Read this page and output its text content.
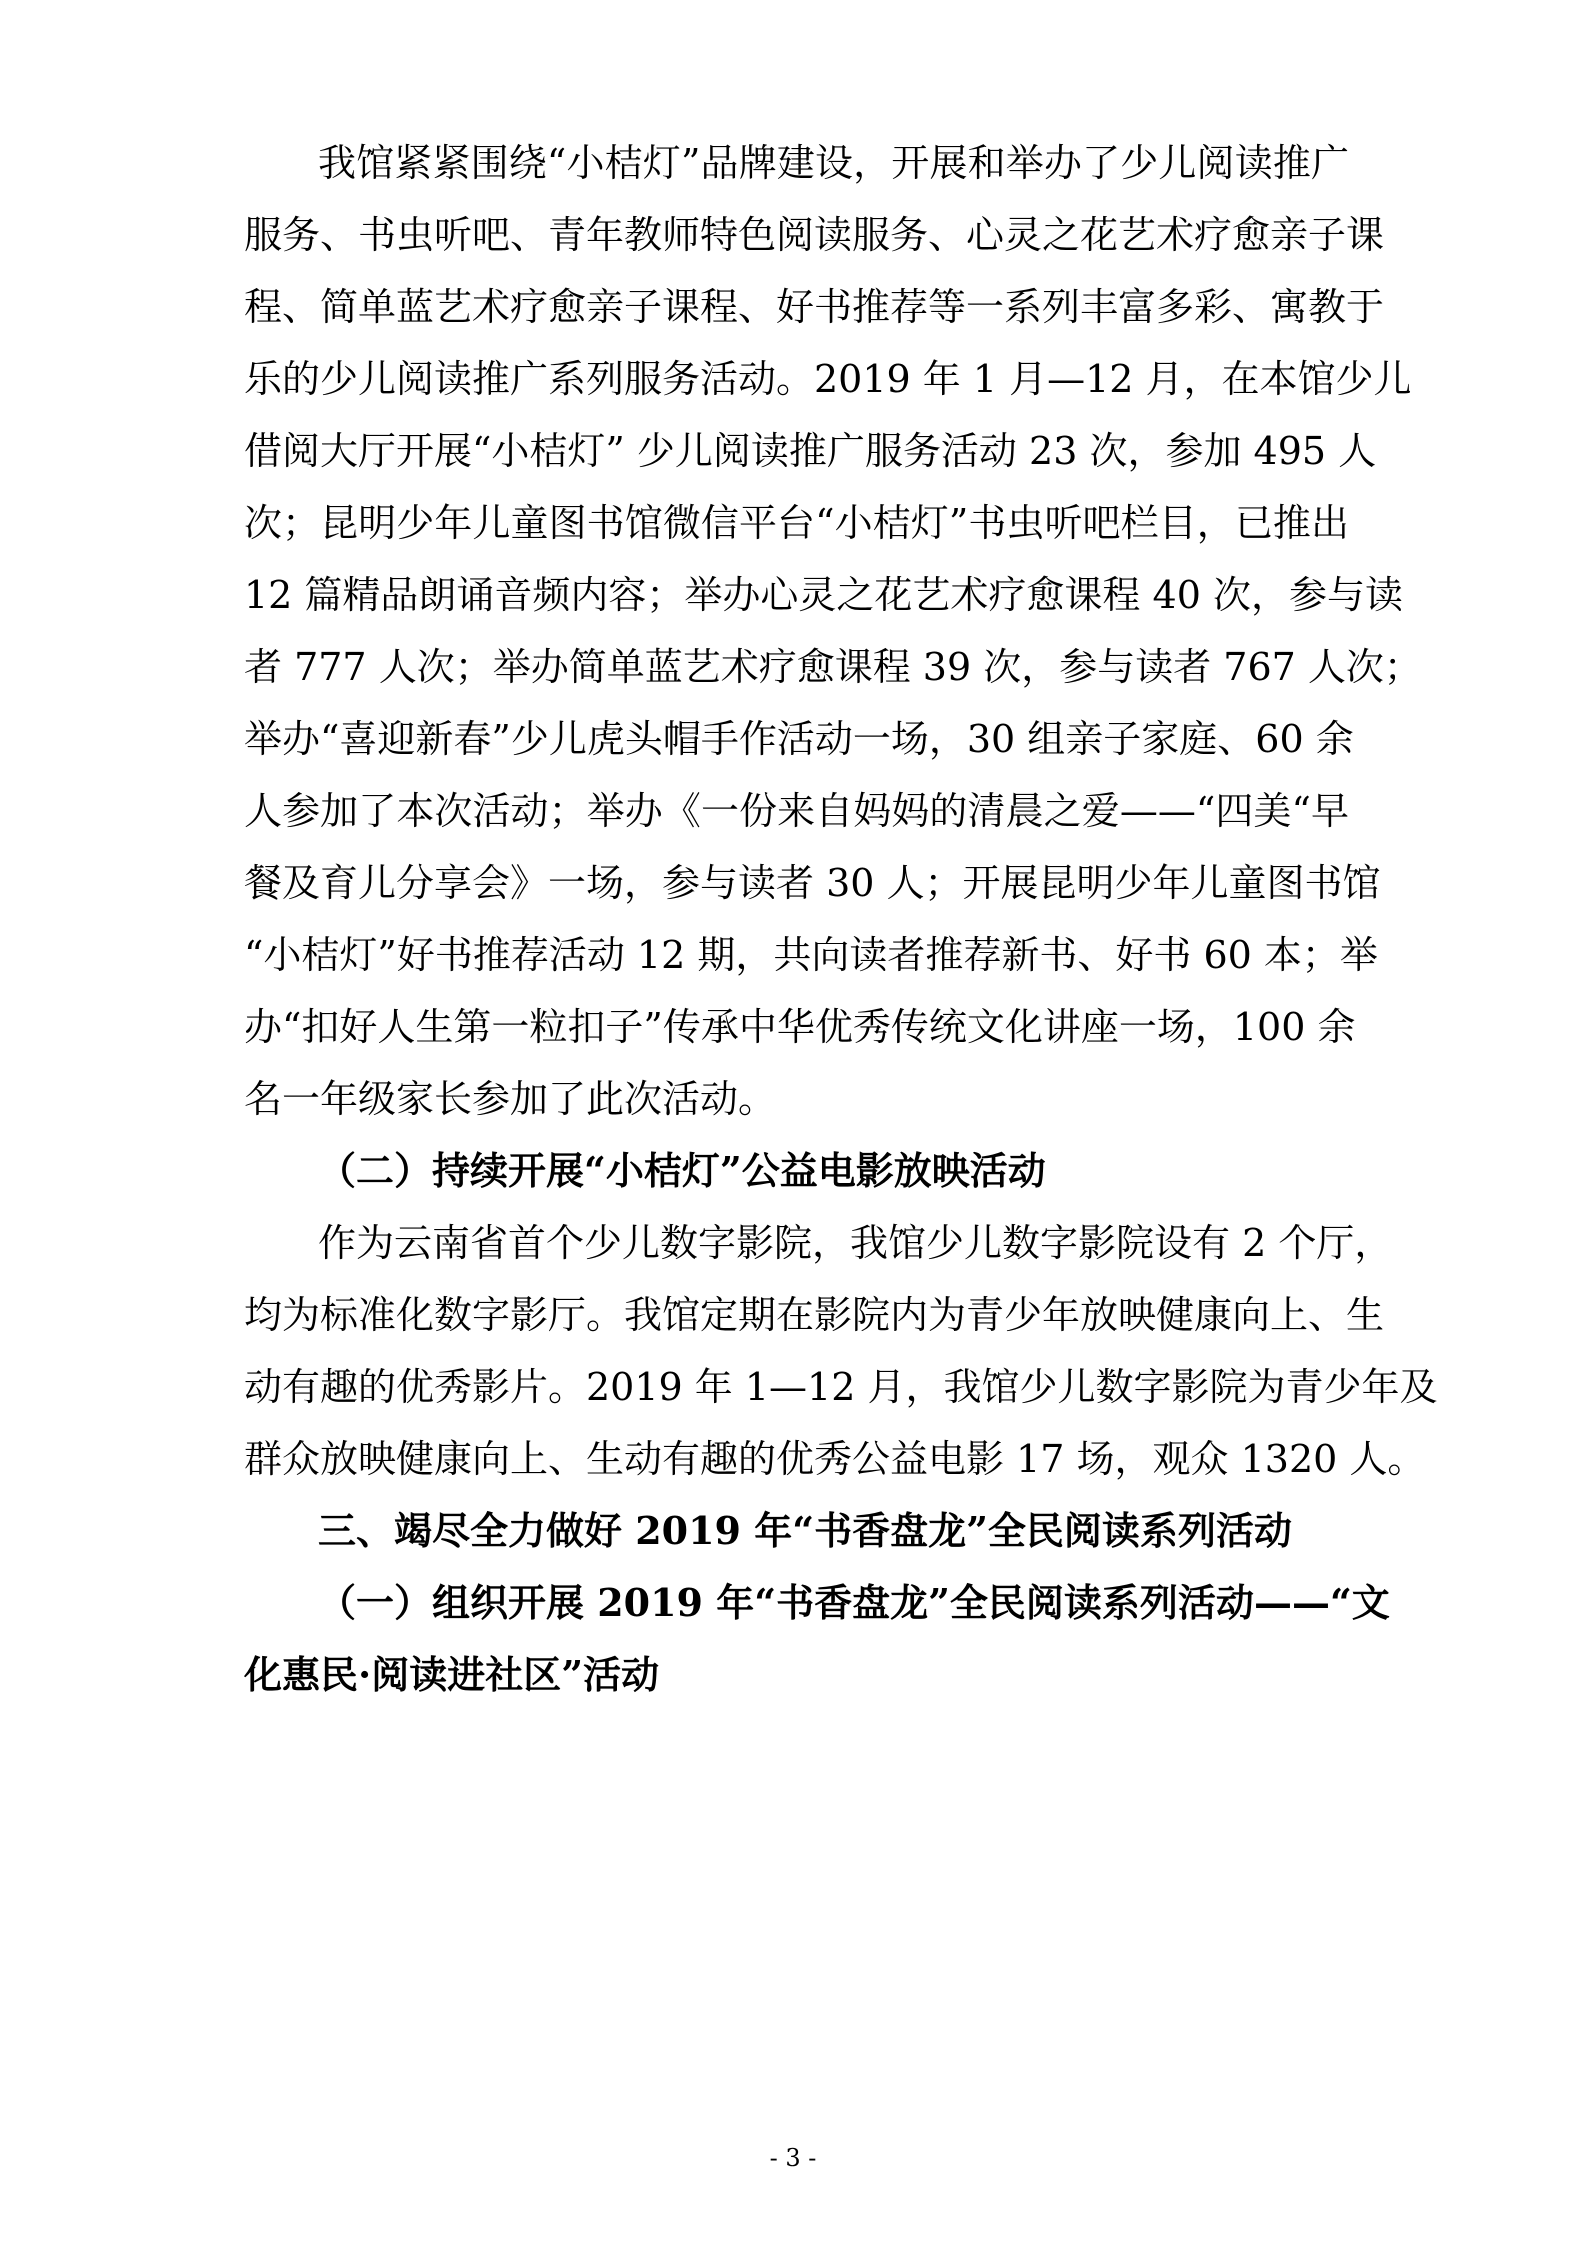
我馆紧紧围绕“小桔灯”品牌建设，开展和举办了少儿阅读推广
服务、书虫听吧、青年教师特色阅读服务、心灵之花艺术疗愈亲子课
程、简单蓝艺术疗愈亲子课程、好书推荐等一系列丰富多彩、寓教于
乐的少儿阅读推广系列服务活动。2019 年 1 月—12 月，在本馆少儿
借阅大厅开展“小桔灯” 少儿阅读推广服务活动 23 次，参加 495 人
次；昆明少年儿童图书馆微信平台“小桔灯”书虫听吧栏目，已推出
12 篇精品朗诵音频内容；举办心灵之花艺术疗愈课程 40 次，参与读
者 777 人次；举办简单蓝艺术疗愈课程 39 次，参与读者 767 人次；
举办“喜迎新春”少儿虎头帽手作活动一场，30 组亲子家庭、60 余
人参加了本次活动；举办《一份来自妈妈的清晨之爱——“四美“早
餐及育儿分享会》一场，参与读者 30 人；开展昆明少年儿童图书馆
“小桔灯”好书推荐活动 12 期，共向读者推荐新书、好书 60 本；举
办“扣好人生第一粒扣子”传承中华优秀传统文化讲座一场，100 余
名一年级家长参加了此次活动。
（二）持续开展“小桔灯”公益电影放映活动
作为云南省首个少儿数字影院，我馆少儿数字影院设有 2 个厅，
均为标准化数字影厅。我馆定期在影院内为青少年放映健康向上、生
动有趣的优秀影片。2019 年 1—12 月，我馆少儿数字影院为青少年及
群众放映健康向上、生动有趣的优秀公益电影 17 场，观众 1320 人。
三、竭尽全力做好 2019 年“书香盘龙”全民阅读系列活动
（一）组织开展 2019 年“书香盘龙”全民阅读系列活动——“文
化惠民·阅读进社区”活动
- 3 -
